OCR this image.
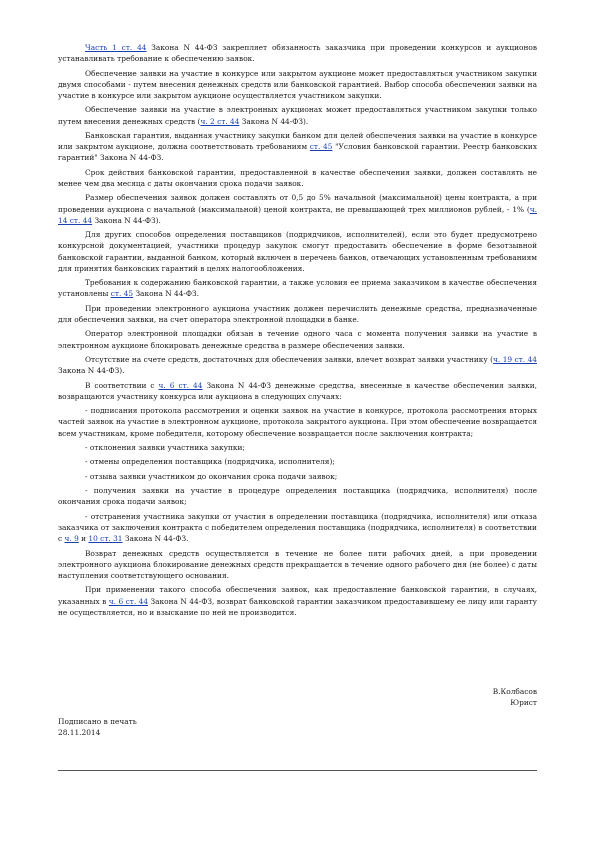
Часть 1 ст. 44 Закона N 44-ФЗ закрепляет обязанность заказчика при проведении конкурсов и аукционов устанавливать требование к обеспечению заявок.

Обеспечение заявки на участие в конкурсе или закрытом аукционе может предоставляться участником закупки двумя способами - путем внесения денежных средств или банковской гарантией. Выбор способа обеспечения заявки на участие в конкурсе или закрытом аукционе осуществляется участником закупки.

Обеспечение заявки на участие в электронных аукционах может предоставляться участником закупки только путем внесения денежных средств (ч. 2 ст. 44 Закона N 44-ФЗ).

Банковская гарантия, выданная участнику закупки банком для целей обеспечения заявки на участие в конкурсе или закрытом аукционе, должна соответствовать требованиям ст. 45 "Условия банковской гарантии. Реестр банковских гарантий" Закона N 44-ФЗ.

Срок действия банковской гарантии, предоставленной в качестве обеспечения заявки, должен составлять не менее чем два месяца с даты окончания срока подачи заявок.

Размер обеспечения заявок должен составлять от 0,5 до 5% начальной (максимальной) цены контракта, а при проведении аукциона с начальной (максимальной) ценой контракта, не превышающей трех миллионов рублей, - 1% (ч. 14 ст. 44 Закона N 44-ФЗ).

Для других способов определения поставщиков (подрядчиков, исполнителей), если это будет предусмотрено конкурсной документацией, участники процедур закупок смогут предоставить обеспечение в форме безотзывной банковской гарантии, выданной банком, который включен в перечень банков, отвечающих установленным требованиям для принятия банковских гарантий в целях налогообложения.

Требования к содержанию банковской гарантии, а также условия ее приема заказчиком в качестве обеспечения установлены ст. 45 Закона N 44-ФЗ.

При проведении электронного аукциона участник должен перечислить денежные средства, предназначенные для обеспечения заявки, на счет оператора электронной площадки в банке.

Оператор электронной площадки обязан в течение одного часа с момента получения заявки на участие в электронном аукционе блокировать денежные средства в размере обеспечения заявки.

Отсутствие на счете средств, достаточных для обеспечения заявки, влечет возврат заявки участнику (ч. 19 ст. 44 Закона N 44-ФЗ).

В соответствии с ч. 6 ст. 44 Закона N 44-ФЗ денежные средства, внесенные в качестве обеспечения заявки, возвращаются участнику конкурса или аукциона в следующих случаях:

- подписания протокола рассмотрения и оценки заявок на участие в конкурсе, протокола рассмотрения вторых частей заявок на участие в электронном аукционе, протокола закрытого аукциона. При этом обеспечение возвращается всем участникам, кроме победителя, которому обеспечение возвращается после заключения контракта;

- отклонения заявки участника закупки;

- отмены определения поставщика (подрядчика, исполнителя);

- отзыва заявки участником до окончания срока подачи заявок;

- получения заявки на участие в процедуре определения поставщика (подрядчика, исполнителя) после окончания срока подачи заявок;

- отстранения участника закупки от участия в определении поставщика (подрядчика, исполнителя) или отказа заказчика от заключения контракта с победителем определения поставщика (подрядчика, исполнителя) в соответствии с ч. 9 и 10 ст. 31 Закона N 44-ФЗ.

Возврат денежных средств осуществляется в течение не более пяти рабочих дней, а при проведении электронного аукциона блокирование денежных средств прекращается в течение одного рабочего дня (не более) с даты наступления соответствующего основания.

При применении такого способа обеспечения заявок, как предоставление банковской гарантии, в случаях, указанных в ч. 6 ст. 44 Закона N 44-ФЗ, возврат банковской гарантии заказчиком предоставившему ее лицу или гаранту не осуществляется, но и взыскание по ней не производится.

В.Колбасов
Юрист
Подписано в печать
28.11.2014
